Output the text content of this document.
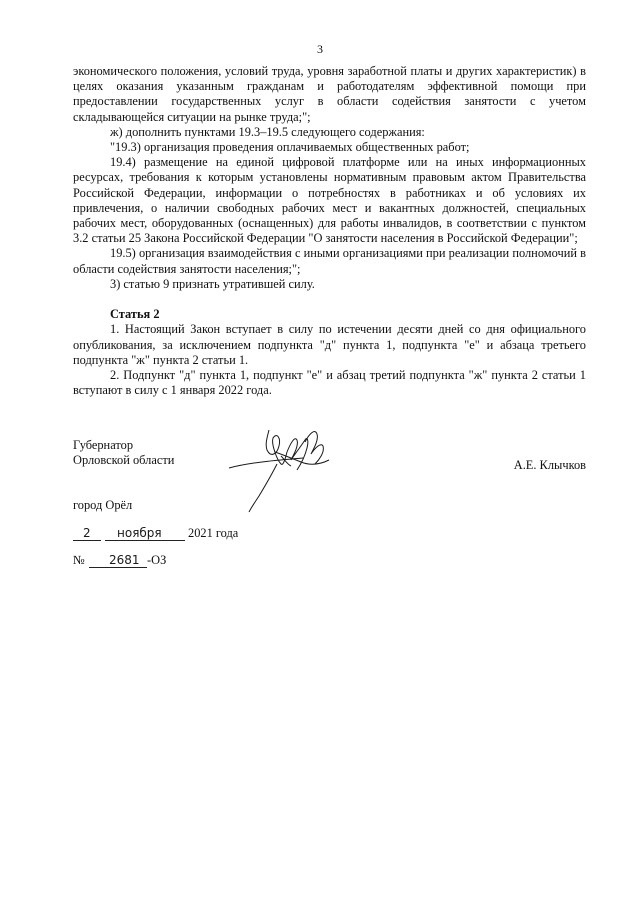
3

экономического положения, условий труда, уровня заработной платы и других характеристик) в целях оказания указанным гражданам и работодателям эффективной помощи при предоставлении государственных услуг в области содействия занятости с учетом складывающейся ситуации на рынке труда;";

ж) дополнить пунктами 19.3–19.5 следующего содержания:

"19.3) организация проведения оплачиваемых общественных работ;

19.4) размещение на единой цифровой платформе или на иных информационных ресурсах, требования к которым установлены нормативным правовым актом Правительства Российской Федерации, информации о потребностях в работниках и об условиях их привлечения, о наличии свободных рабочих мест и вакантных должностей, специальных рабочих мест, оборудованных (оснащенных) для работы инвалидов, в соответствии с пунктом 3.2 статьи 25 Закона Российской Федерации "О занятости населения в Российской Федерации";

19.5) организация взаимодействия с иными организациями при реализации полномочий в области содействия занятости населения;";

3) статью 9 признать утратившей силу.

Статья 2

1. Настоящий Закон вступает в силу по истечении десяти дней со дня официального опубликования, за исключением подпункта "д" пункта 1, подпункта "е" и абзаца третьего подпункта "ж" пункта 2 статьи 1.

2. Подпункт "д" пункта 1, подпункт "е" и абзац третий подпункта "ж" пункта 2 статьи 1 вступают в силу с 1 января 2022 года.

Губернатор
Орловской области	А.Е. Клычков
город Орёл
2 ноября 2021 года
№ 2681 -ОЗ
